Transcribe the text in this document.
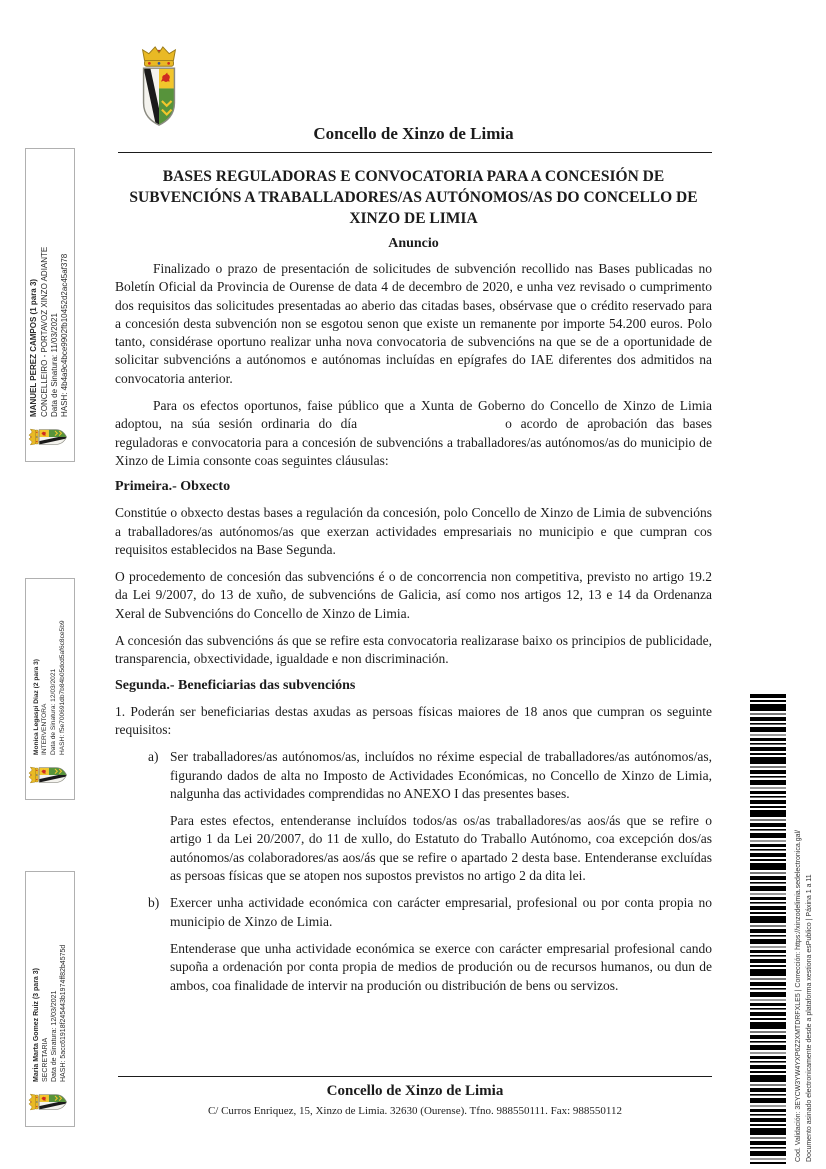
Concello de Xinzo de Limia
BASES REGULADORAS E CONVOCATORIA PARA A CONCESIÓN DE SUBVENCIÓNS A TRABALLADORES/AS AUTÓNOMOS/AS DO CONCELLO DE XINZO DE LIMIA
Anuncio

Finalizado o prazo de presentación de solicitudes de subvención recollido nas Bases publicadas no Boletín Oficial da Provincia de Ourense de data 4 de decembro de 2020, e unha vez revisado o cumprimento dos requisitos das solicitudes presentadas ao aberio das citadas bases, obsérvase que o crédito reservado para a concesión desta subvención non se esgotou senon que existe un remanente por importe 54.200 euros. Polo tanto, considérase oportuno realizar unha nova convocatoria de subvencións na que se de a oportunidade de solicitar subvencións a autónomos e autónomas incluídas en epígrafes do IAE diferentes dos admitidos na convocatoria anterior.

Para os efectos oportunos, faise público que a Xunta de Goberno do Concello de Xinzo de Limia adoptou, na súa sesión ordinaria do día	o acordo de aprobación das bases reguladoras e convocatoria para a concesión de subvencións a traballadores/as autónomos/as do municipio de Xinzo de Limia consonte coas seguintes cláusulas:

Primeira.- Obxecto

Constitúe o obxecto destas bases a regulación da concesión, polo Concello de Xinzo de Limia de subvencións a traballadores/as autónomos/as que exerzan actividades empresariais no municipio e que cumpran cos requisitos establecidos na Base Segunda.

O procedemento de concesión das subvencións é o de concorrencia non competitiva, previsto no artigo 19.2 da Lei 9/2007, do 13 de xuño, de subvencións de Galicia, así como nos artigos 12, 13 e 14 da Ordenanza Xeral de Subvencións do Concello de Xinzo de Limia.

A concesión das subvencións ás que se refire esta convocatoria realizarase baixo os principios de publicidade, transparencia, obxectividade, igualdade e non discriminación.

Segunda.- Beneficiarias das subvencións

1. Poderán ser beneficiarias destas axudas as persoas físicas maiores de 18 anos que cumpran os seguinte requisitos:

a) Ser traballadores/as autónomos/as, incluídos no réxime especial de traballadores/as autónomos/as, figurando dados de alta no Imposto de Actividades Económicas, no Concello de Xinzo de Limia, nalgunha das actividades comprendidas no ANEXO I das presentes bases.

Para estes efectos, entenderanse incluídos todos/as os/as traballadores/as aos/ás que se refire o artigo 1 da Lei 20/2007, do 11 de xullo, do Estatuto do Traballo Autónomo, coa excepción dos/as autónomos/as colaboradores/as aos/ás que se refire o apartado 2 desta base. Entenderanse excluídas as persoas físicas que se atopen nos supostos previstos no artigo 2 da dita lei.

b) Exercer unha actividade económica con carácter empresarial, profesional ou por conta propia no municipio de Xinzo de Limia.

Entenderase que unha actividade económica se exerce con carácter empresarial profesional cando supoña a ordenación por conta propia de medios de produción ou de recursos humanos, ou dun de ambos, coa finalidade de intervir na produción ou distribución de bens ou servizos.

Concello de Xinzo de Limia
C/ Curros Enriquez, 15, Xinzo de Limia. 32630 (Ourense). Tfno. 988550111. Fax: 988550112
MANUEL PEREZ CAMPOS (1 para 3) CONCELLEIRO - PORTAVOZ XINZO ADIANTE Data de Sinatura: 11/03/2021 HASH: 4b4a9c4bce9902fb10452d2ac45af378
Monica Legaspi Diaz (2 para 3) INTERVENTORA Data de Sinatura: 12/03/2021 HASH: f5e700691db7b84b05dcd5af6c8ce5b9
Maria Marta Gomez Ruiz (3 para 3) SECRETARIA Data de Sinatura: 12/03/2021 HASH: 5acc61918f245443b1974ff82b4575d	Cod. Validación: 3EYCW3YW4YXP6Z2XMTDRFXLE5 | Corrección: https://xinzodelimia.sedelectronica.gal/ Documento asinado electronicamente desde a plataforma xestiona esPublico | Páxina 1 a 11
